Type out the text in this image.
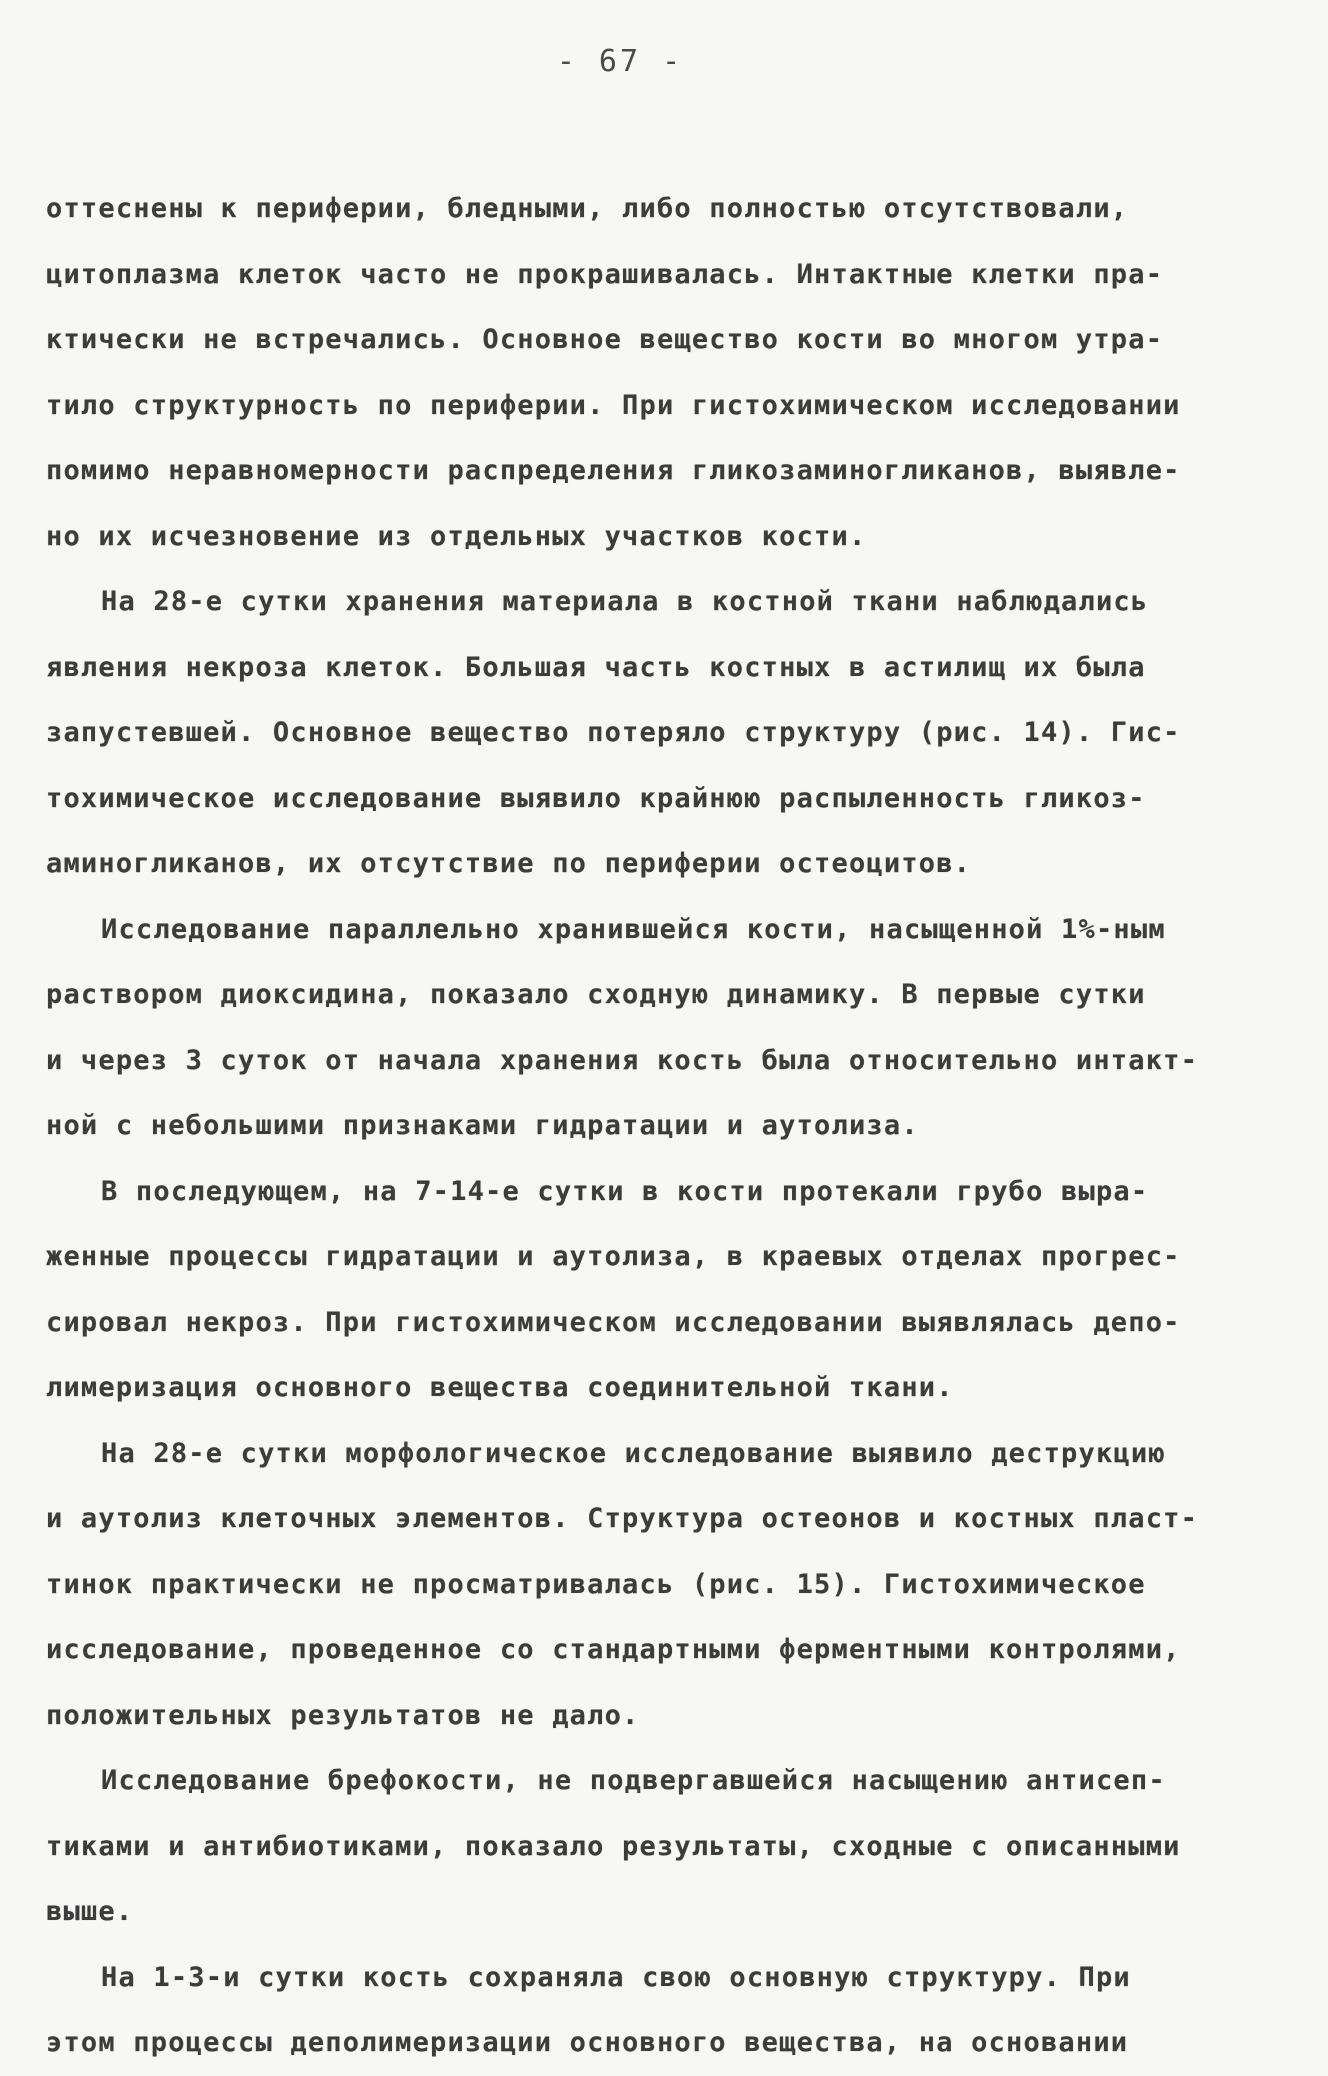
- 67 -
оттеснены к периферии, бледными, либо полностью отсутствовали,
цитоплазма клеток часто не прокрашивалась. Интактные клетки пра-
ктически не встречались. Основное вещество кости во многом утра-
тило структурность по периферии. При гистохимическом исследовании
помимо неравномерности распределения гликозаминогликанов, выявле-
но их исчезновение из отдельных участков кости.
На 28-е сутки хранения материала в костной ткани наблюдались
явления некроза клеток. Большая часть костных в астилищ их была
запустевшей. Основное вещество потеряло структуру (рис. 14). Гис-
тохимическое исследование выявило крайнюю распыленность гликоз-
аминогликанов, их отсутствие по периферии остеоцитов.
Исследование параллельно хранившейся кости, насыщенной 1%-ным
раствором диоксидина, показало сходную динамику. В первые сутки
и через 3 суток от начала хранения кость была относительно интакт-
ной с небольшими признаками гидратации и аутолиза.
В последующем, на 7-14-е сутки в кости протекали грубо выра-
женные процессы гидратации и аутолиза, в краевых отделах прогрес-
сировал некроз. При гистохимическом исследовании выявлялась депо-
лимеризация основного вещества соединительной ткани.
На 28-е сутки морфологическое исследование выявило деструкцию
и аутолиз клеточных элементов. Структура остеонов и костных пласт-
тинок практически не просматривалась (рис. 15). Гистохимическое
исследование, проведенное со стандартными ферментными контролями,
положительных результатов не дало.
Исследование брефокости, не подвергавшейся насыщению антисеп-
тиками и антибиотиками, показало результаты, сходные с описанными
выше.
На 1-3-и сутки кость сохраняла свою основную структуру. При
этом процессы деполимеризации основного вещества, на основании
